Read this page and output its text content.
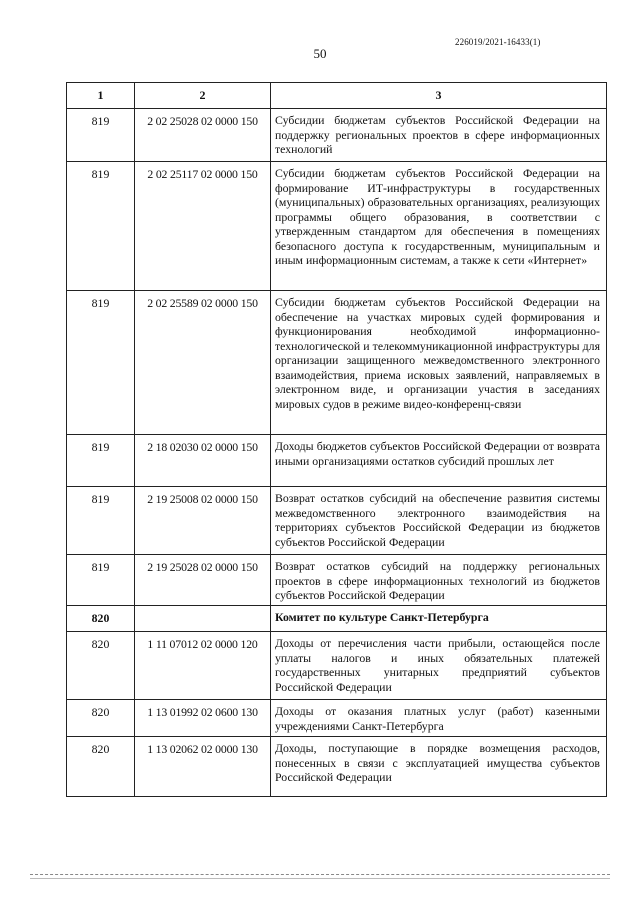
226019/2021-16433(1)
50
1	2	3
819	2 02 25028 02 0000 150	Субсидии бюджетам субъектов Российской Федерации на поддержку региональных проектов в сфере информационных технологий
819	2 02 25117 02 0000 150	Субсидии бюджетам субъектов Российской Федерации на формирование ИТ-инфраструктуры в государственных (муниципальных) образовательных организациях, реализующих программы общего образования, в соответствии с утвержденным стандартом для обеспечения в помещениях безопасного доступа к государственным, муниципальным и иным информационным системам, а также к сети «Интернет»
819	2 02 25589 02 0000 150	Субсидии бюджетам субъектов Российской Федерации на обеспечение на участках мировых судей формирования и функционирования необходимой информационно-технологической и телекоммуникационной инфраструктуры для организации защищенного межведомственного электронного взаимодействия, приема исковых заявлений, направляемых в электронном виде, и организации участия в заседаниях мировых судов в режиме видео-конференц-связи
819	2 18 02030 02 0000 150	Доходы бюджетов субъектов Российской Федерации от возврата иными организациями остатков субсидий прошлых лет
819	2 19 25008 02 0000 150	Возврат остатков субсидий на обеспечение развития системы межведомственного электронного взаимодействия на территориях субъектов Российской Федерации из бюджетов субъектов Российской Федерации
819	2 19 25028 02 0000 150	Возврат остатков субсидий на поддержку региональных проектов в сфере информационных технологий из бюджетов субъектов Российской Федерации
820		Комитет по культуре Санкт-Петербурга
820	1 11 07012 02 0000 120	Доходы от перечисления части прибыли, остающейся после уплаты налогов и иных обязательных платежей государственных унитарных предприятий субъектов Российской Федерации
820	1 13 01992 02 0600 130	Доходы от оказания платных услуг (работ) казенными учреждениями Санкт-Петербурга
820	1 13 02062 02 0000 130	Доходы, поступающие в порядке возмещения расходов, понесенных в связи с эксплуатацией имущества субъектов Российской Федерации
